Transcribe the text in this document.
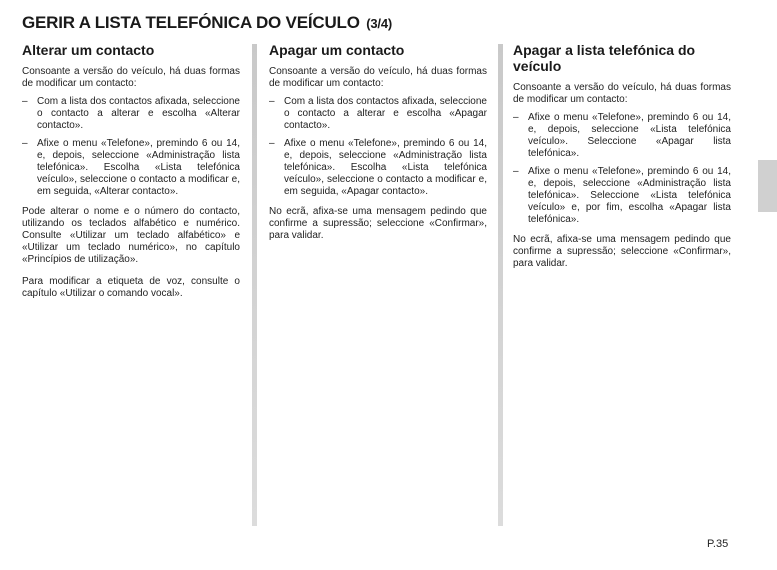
GERIR A LISTA TELEFÓNICA DO VEÍCULO (3/4)
Alterar um contacto

Consoante a versão do veículo, há duas formas de modificar um contacto:

– Com a lista dos contactos afixada, seleccione o contacto a alterar e escolha «Alterar contacto».
– Afixe o menu «Telefone», premindo 6 ou 14, e, depois, seleccione «Administração lista telefónica». Escolha «Lista telefónica veículo», seleccione o contacto a modificar e, em seguida, «Alterar contacto».

Pode alterar o nome e o número do contacto, utilizando os teclados alfabético e numérico. Consulte «Utilizar um teclado alfabético» e «Utilizar um teclado numérico», no capítulo «Princípios de utilização».

Para modificar a etiqueta de voz, consulte o capítulo «Utilizar o comando vocal».

Apagar um contacto

Consoante a versão do veículo, há duas formas de modificar um contacto:

– Com a lista dos contactos afixada, seleccione o contacto a alterar e escolha «Apagar contacto».
– Afixe o menu «Telefone», premindo 6 ou 14, e, depois, seleccione «Administração lista telefónica». Escolha «Lista telefónica veículo», seleccione o contacto a modificar e, em seguida, «Apagar contacto».

No ecrã, afixa-se uma mensagem pedindo que confirme a supressão; seleccione «Confirmar», para validar.

Apagar a lista telefónica do veículo

Consoante a versão do veículo, há duas formas de modificar um contacto:

– Afixe o menu «Telefone», premindo 6 ou 14, e, depois, seleccione «Lista telefónica veículo». Seleccione «Apagar lista telefónica».
– Afixe o menu «Telefone», premindo 6 ou 14, e, depois, seleccione «Administração lista telefónica». Seleccione «Lista telefónica veículo» e, por fim, escolha «Apagar lista telefónica».

No ecrã, afixa-se uma mensagem pedindo que confirme a supressão; seleccione «Confirmar», para validar.

P.35
